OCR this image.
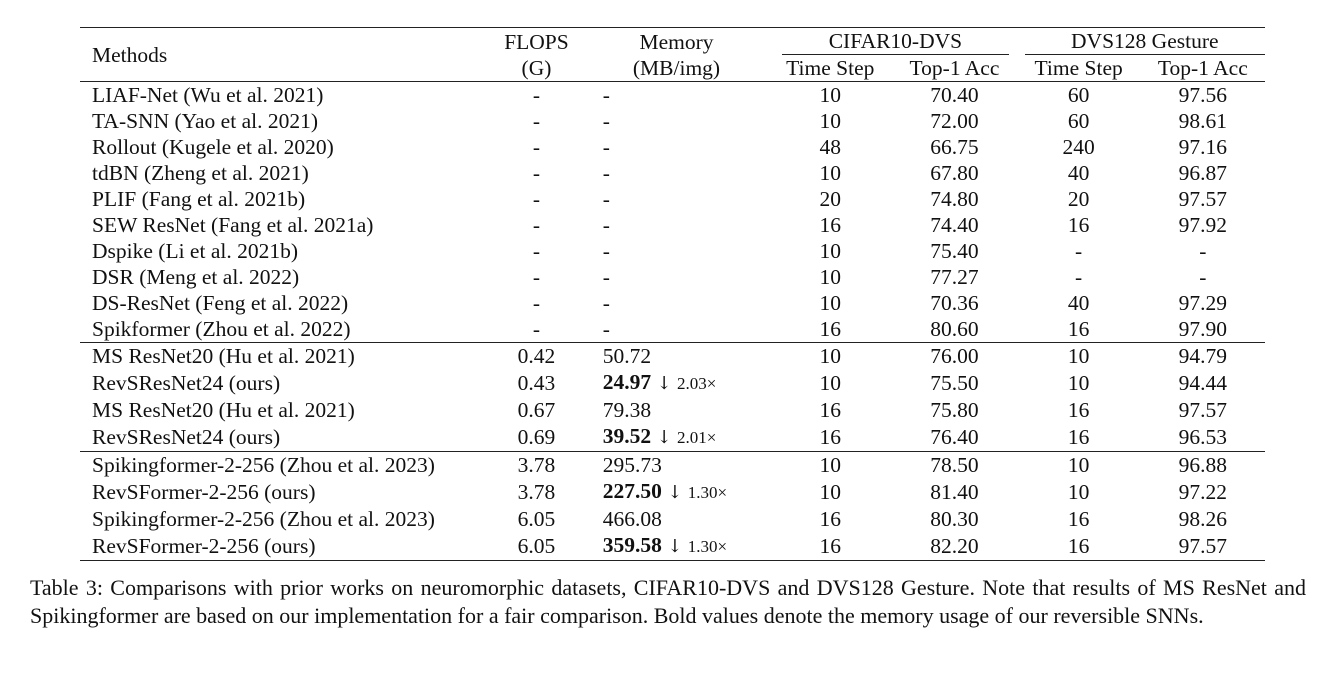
Methods	FLOPS	Memory	CIFAR10-DVS		DVS128 Gesture	

	(G)	(MB/img)	Time Step	Top-1 Acc	Time Step	Top-1 Acc
LIAF-Net (Wu et al. 2021)	-	-	10	70.40	60	97.56
TA-SNN (Yao et al. 2021)	-	-	10	72.00	60	98.61
Rollout (Kugele et al. 2020)	-	-	48	66.75	240	97.16
tdBN (Zheng et al. 2021)	-	-	10	67.80	40	96.87
PLIF (Fang et al. 2021b)	-	-	20	74.80	20	97.57
SEW ResNet (Fang et al. 2021a)	-	-	16	74.40	16	97.92
Dspike (Li et al. 2021b)	-	-	10	75.40	-	-
DSR (Meng et al. 2022)	-	-	10	77.27	-	-
DS-ResNet (Feng et al. 2022)	-	-	10	70.36	40	97.29
Spikformer (Zhou et al. 2022)	-	-	16	80.60	16	97.90
MS ResNet20 (Hu et al. 2021)	0.42	50.72	10	76.00	10	94.79
RevSResNet24 (ours)	0.43	24.97 ↓ 2.03×	10	75.50	10	94.44
MS ResNet20 (Hu et al. 2021)	0.67	79.38	16	75.80	16	97.57
RevSResNet24 (ours)	0.69	39.52 ↓ 2.01×	16	76.40	16	96.53
Spikingformer-2-256 (Zhou et al. 2023)	3.78	295.73	10	78.50	10	96.88
RevSFormer-2-256 (ours)	3.78	227.50 ↓ 1.30×	10	81.40	10	97.22
Spikingformer-2-256 (Zhou et al. 2023)	6.05	466.08	16	80.30	16	98.26
RevSFormer-2-256 (ours)	6.05	359.58 ↓ 1.30×	16	82.20	16	97.57
Table 3: Comparisons with prior works on neuromorphic datasets, CIFAR10-DVS and DVS128 Gesture. Note that results of MS ResNet and Spikingformer are based on our implementation for a fair comparison. Bold values denote the memory usage of our reversible SNNs.
